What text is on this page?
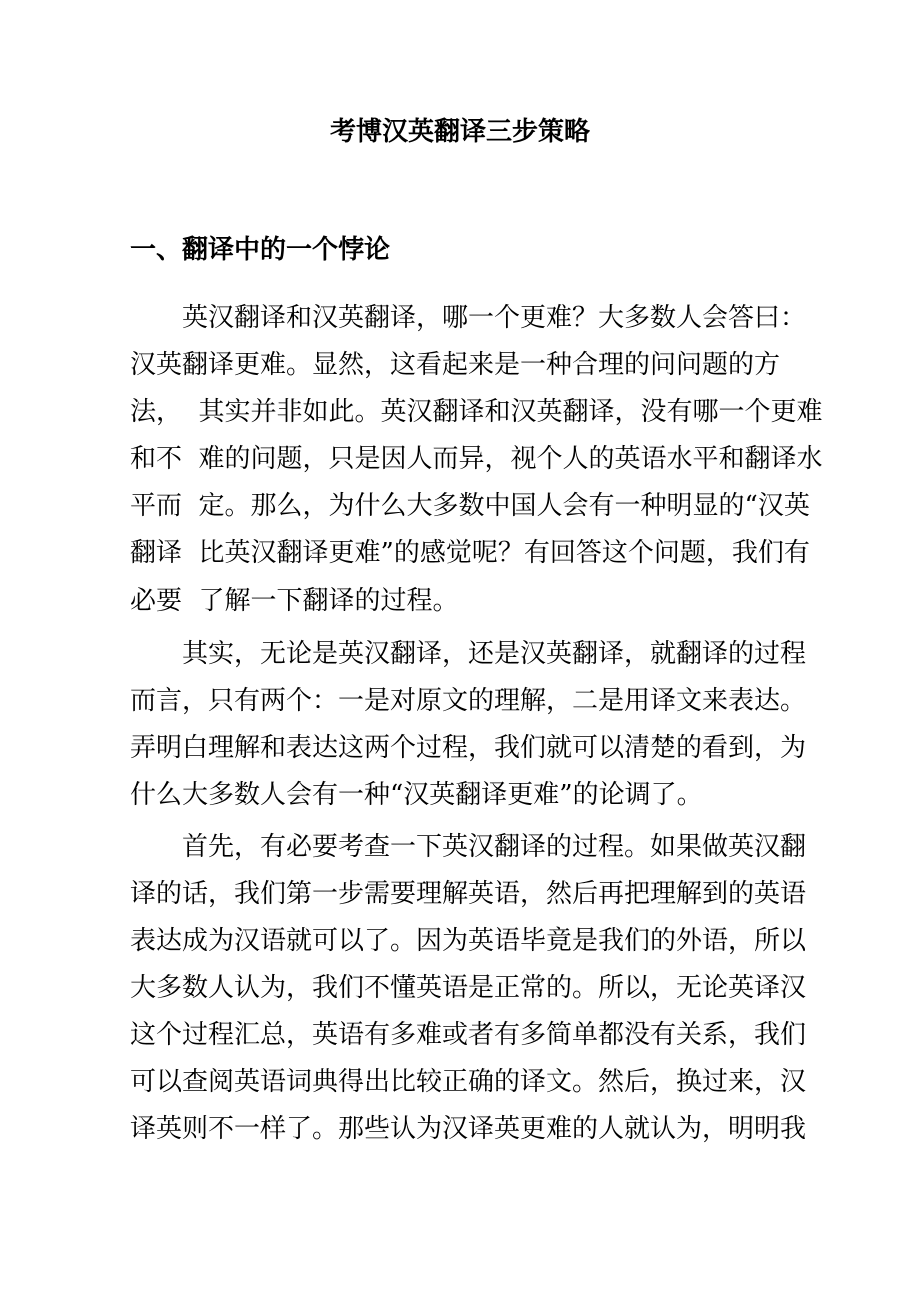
考博汉英翻译三步策略
一、翻译中的一个悖论
　　英汉翻译和汉英翻译，哪一个更难？大多数人会答曰：
汉英翻译更难。显然，这看起来是一种合理的问问题的方
法，  其实并非如此。英汉翻译和汉英翻译，没有哪一个更难
和不  难的问题，只是因人而异，视个人的英语水平和翻译水
平而  定。那么，为什么大多数中国人会有一种明显的“汉英
翻译  比英汉翻译更难”的感觉呢？有回答这个问题，我们有
必要  了解一下翻译的过程。
　　其实，无论是英汉翻译，还是汉英翻译，就翻译的过程
而言，只有两个：一是对原文的理解，二是用译文来表达。
弄明白理解和表达这两个过程，我们就可以清楚的看到，为
什么大多数人会有一种“汉英翻译更难”的论调了。
　　首先，有必要考查一下英汉翻译的过程。如果做英汉翻
译的话，我们第一步需要理解英语，然后再把理解到的英语
表达成为汉语就可以了。因为英语毕竟是我们的外语，所以
大多数人认为，我们不懂英语是正常的。所以，无论英译汉
这个过程汇总，英语有多难或者有多简单都没有关系，我们
可以查阅英语词典得出比较正确的译文。然后，换过来，汉
译英则不一样了。那些认为汉译英更难的人就认为，明明我
